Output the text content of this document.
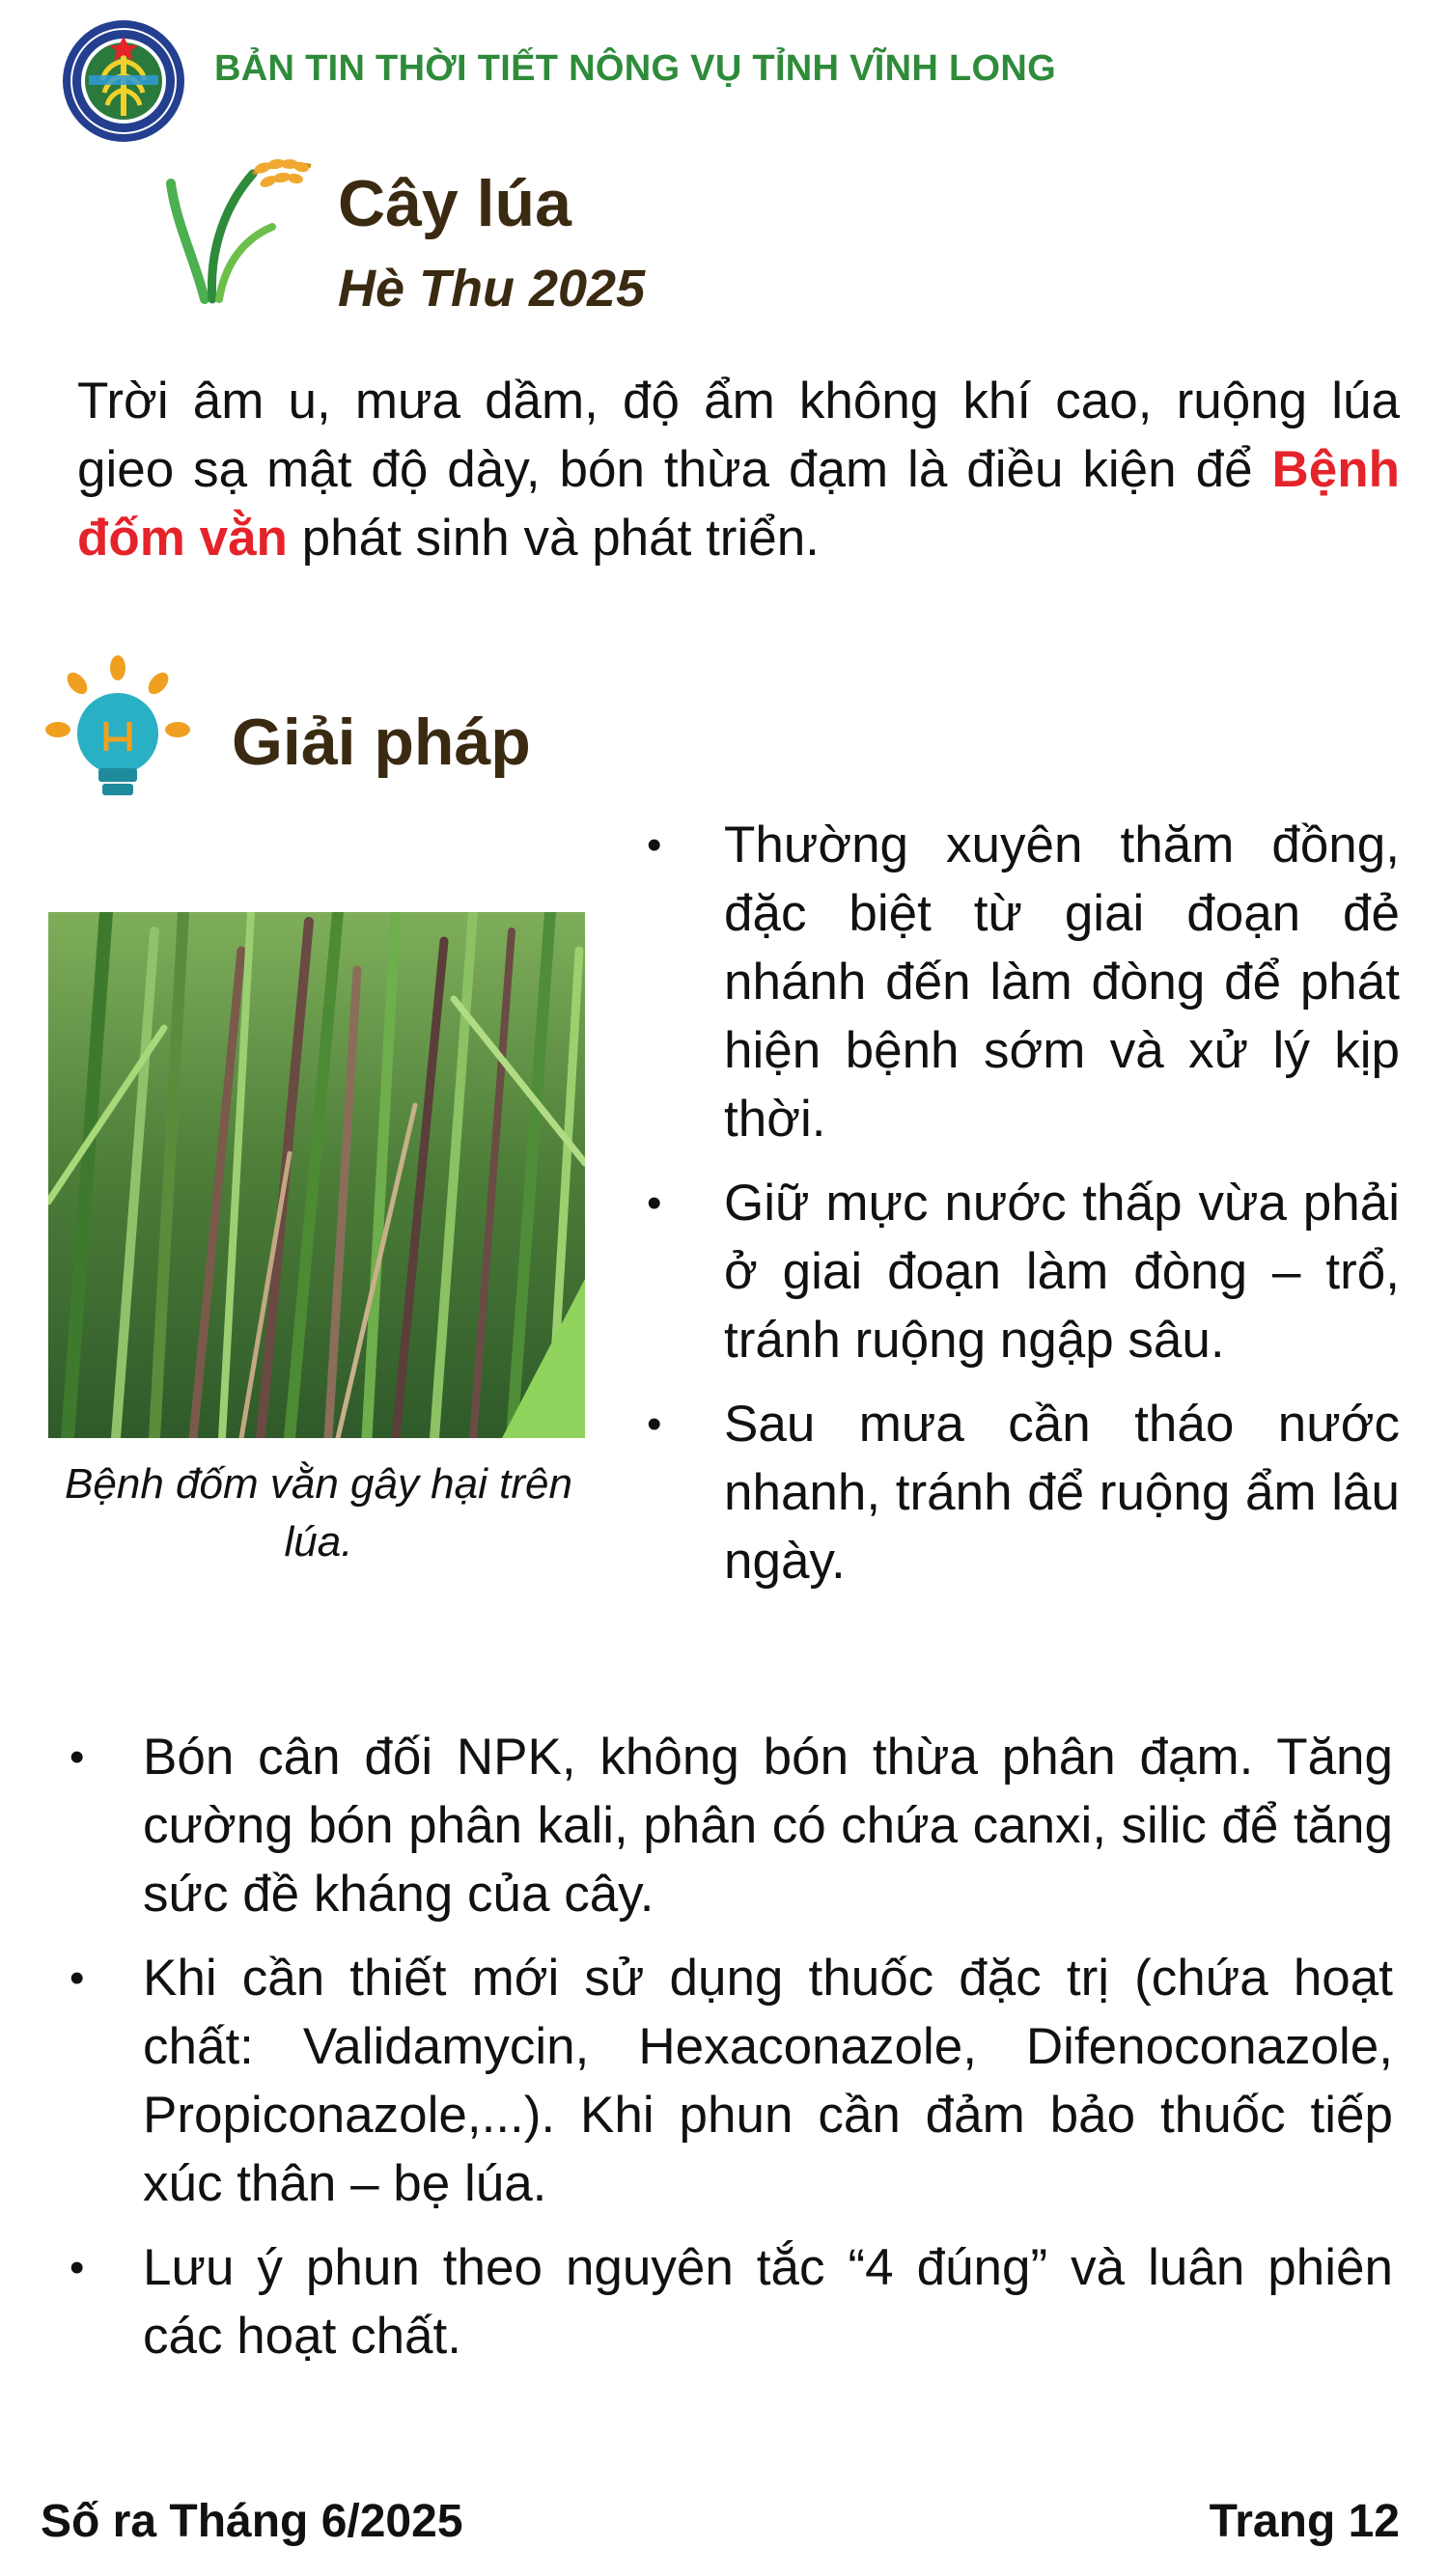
BẢN TIN THỜI TIẾT NÔNG VỤ TỈNH VĨNH LONG
Cây lúa
Hè Thu 2025
Trời âm u, mưa dầm, độ ẩm không khí cao, ruộng lúa gieo sạ mật độ dày, bón thừa đạm là điều kiện để Bệnh đốm vằn phát sinh và phát triển.
Giải pháp
Bệnh đốm vằn gây hại trên lúa.
• Thường xuyên thăm đồng, đặc biệt từ giai đoạn đẻ nhánh đến làm đòng để phát hiện bệnh sớm và xử lý kịp thời.
• Giữ mực nước thấp vừa phải ở giai đoạn làm đòng – trổ, tránh ruộng ngập sâu.
• Sau mưa cần tháo nước nhanh, tránh để ruộng ẩm lâu ngày.
• Bón cân đối NPK, không bón thừa phân đạm. Tăng cường bón phân kali, phân có chứa canxi, silic để tăng sức đề kháng của cây.
• Khi cần thiết mới sử dụng thuốc đặc trị (chứa hoạt chất: Validamycin, Hexaconazole, Difenoconazole, Propiconazole,...). Khi phun cần đảm bảo thuốc tiếp xúc thân – bẹ lúa.
• Lưu ý phun theo nguyên tắc “4 đúng” và luân phiên các hoạt chất.
Số ra Tháng 6/2025	Trang 12
